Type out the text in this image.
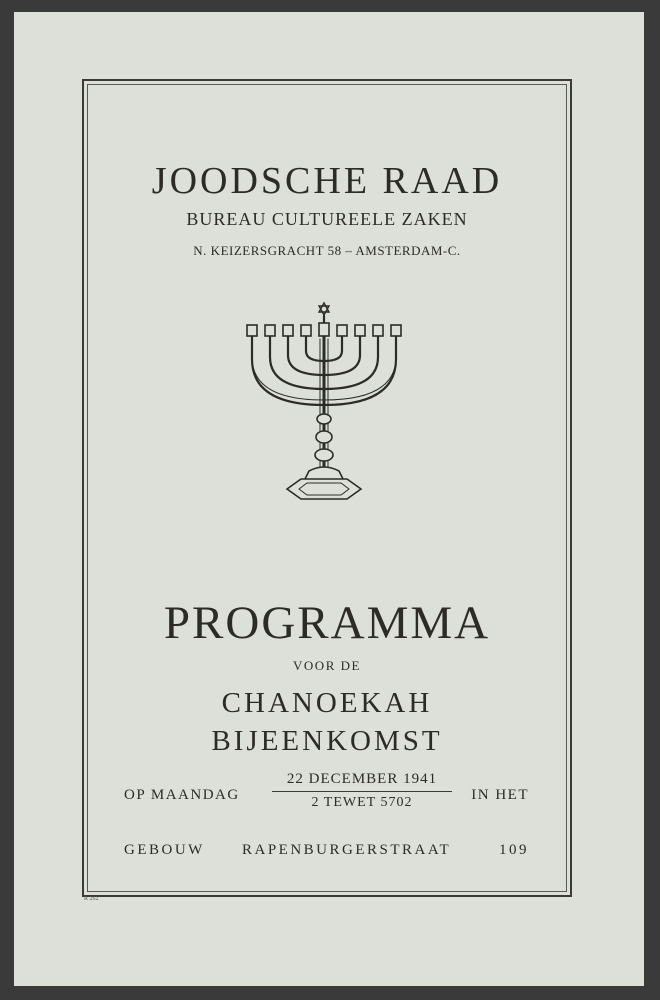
JOODSCHE RAAD
BUREAU CULTUREELE ZAKEN
N. KEIZERSGRACHT 58 – AMSTERDAM-C.
PROGRAMMA
VOOR DE
CHANOEKAH
BIJEENKOMST
OP MAANDAG
22 DECEMBER 1941
2 TEWET 5702	IN HET
GEBOUW RAPENBURGERSTRAAT	109
R 262
